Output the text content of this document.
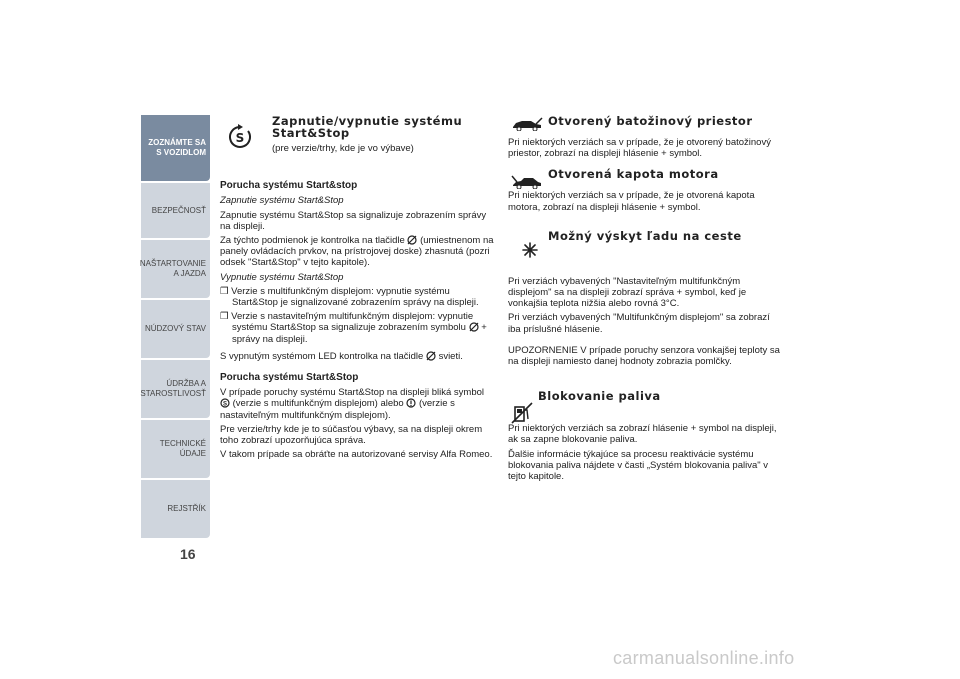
ZOZNÁMTE SA S VOZIDLOM
BEZPEČNOSŤ
NAŠTARTOVANIE A JAZDA
NÚDZOVÝ STAV
ÚDRŽBA A STAROSTLIVOSŤ
TECHNICKÉ ÚDAJE
REJSTŘÍK
16
S
Zapnutie/vypnutie systému Start&Stop

(pre verzie/trhy, kde je vo výbave)

Porucha systému Start&stop

Zapnutie systému Start&Stop

Zapnutie systému Start&Stop sa signalizuje zobrazením správy na displeji.

Za týchto podmienok je kontrolka na tlačidle (umiestnenom na panely ovládacích prvkov, na prístrojovej doske) zhasnutá (pozri odsek "Start&Stop" v tejto kapitole).

Vypnutie systému Start&Stop

❒ Verzie s multifunkčným displejom: vypnutie systému Start&Stop je signalizované zobrazením správy na displeji.

❒ Verzie s nastaviteľným multifunkčným displejom: vypnutie systému Start&Stop sa signalizuje zobrazením symbolu + správy na displeji.

S vypnutým systémom LED kontrolka na tlačidle svieti.

Porucha systému Start&Stop

V prípade poruchy systému Start&Stop na displeji bliká symbol
S (verzie s multifunkčným displejom) alebo (verzie s nastaviteľným multifunkčným displejom).

Pre verzie/trhy kde je to súčasťou výbavy, sa na displeji okrem toho zobrazí upozorňujúca správa.

V takom prípade sa obráťte na autorizované servisy Alfa Romeo.

Otvorený batožinový priestor

Pri niektorých verziách sa v prípade, že je otvorený batožinový priestor, zobrazí na displeji hlásenie + symbol.

Otvorená kapota motora

Pri niektorých verziách sa v prípade, že je otvorená kapota motora, zobrazí na displeji hlásenie + symbol.

Možný výskyt ľadu na ceste

Pri verziách vybavených "Nastaviteľným multifunkčným displejom" sa na displeji zobrazí správa + symbol, keď je vonkajšia teplota nižšia alebo rovná 3°C.

Pri verziách vybavených "Multifunkčným displejom" sa zobrazí iba príslušné hlásenie.

UPOZORNENIE V prípade poruchy senzora vonkajšej teploty sa na displeji namiesto danej hodnoty zobrazia pomlčky.

Blokovanie paliva

Pri niektorých verziách sa zobrazí hlásenie + symbol na displeji, ak sa zapne blokovanie paliva.

Ďalšie informácie týkajúce sa procesu reaktivácie systému blokovania paliva nájdete v časti „Systém blokovania paliva" v tejto kapitole.

carmanualsonline.info
